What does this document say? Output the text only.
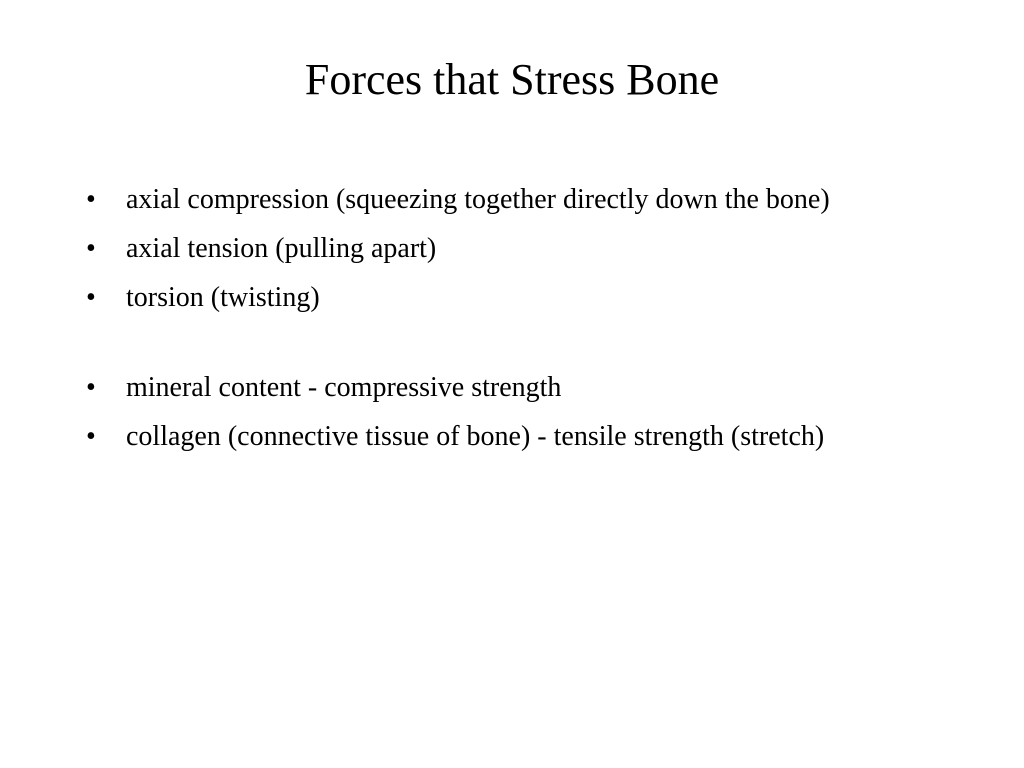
Forces that Stress Bone
•	axial compression (squeezing together directly down the bone)
•	axial tension (pulling apart)
•	torsion (twisting)
•	mineral content - compressive strength
•	collagen (connective tissue of bone) - tensile strength (stretch)
